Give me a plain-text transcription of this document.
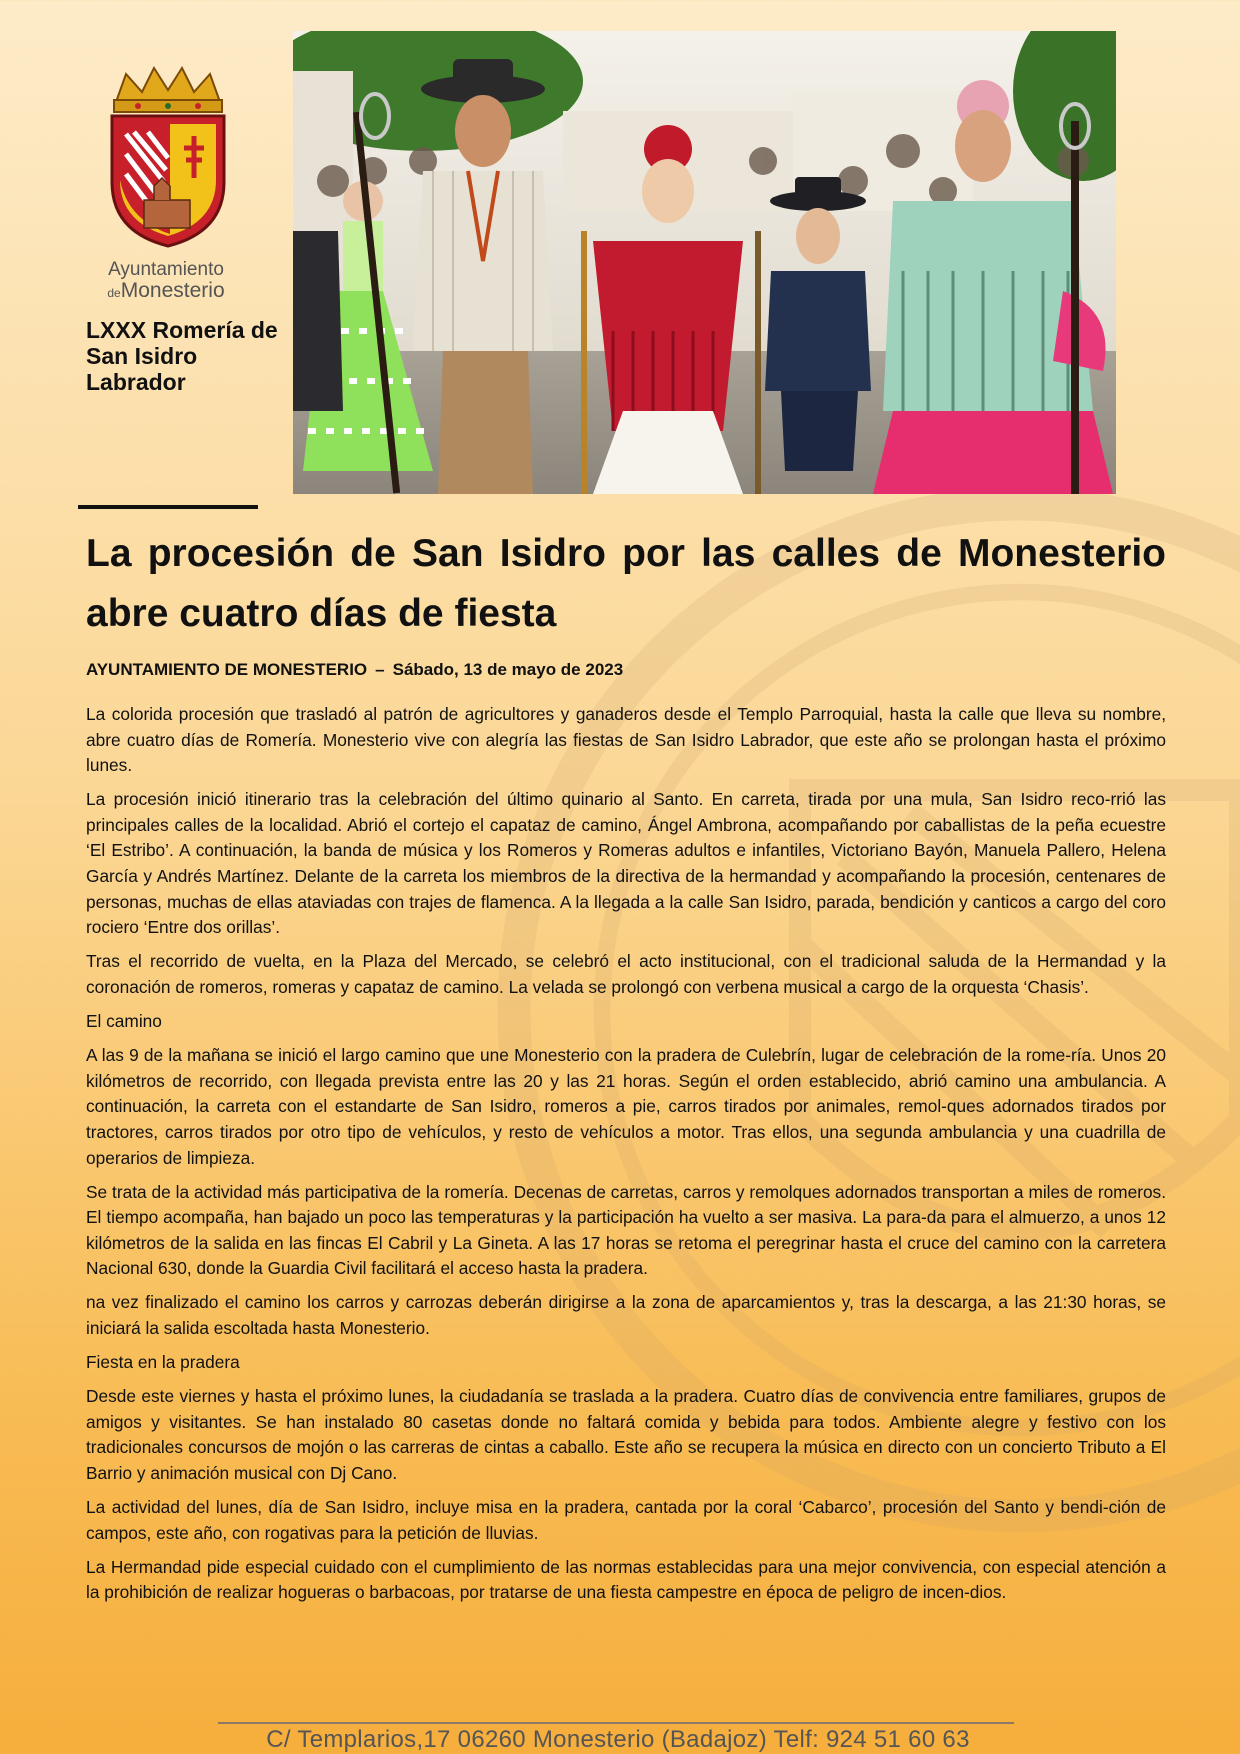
Ayuntamiento
deMonesterio
LXXX Romería de San Isidro Labrador
La procesión de San Isidro por las calles de Monesterio abre cuatro días de fiesta
AYUNTAMIENTO DE MONESTERIO – Sábado, 13 de mayo de 2023

La colorida procesión que trasladó al patrón de agricultores y ganaderos desde el Templo Parroquial, hasta la calle que lleva su nombre, abre cuatro días de Romería. Monesterio vive con alegría las fiestas de San Isidro Labrador, que este año se prolongan hasta el próximo lunes.

La procesión inició itinerario tras la celebración del último quinario al Santo. En carreta, tirada por una mula, San Isidro reco-rrió las principales calles de la localidad. Abrió el cortejo el capataz de camino, Ángel Ambrona, acompañando por caballistas de la peña ecuestre ‘El Estribo’. A continuación, la banda de música y los Romeros y Romeras adultos e infantiles, Victoriano Bayón, Manuela Pallero, Helena García y Andrés Martínez. Delante de la carreta los miembros de la directiva de la hermandad y acompañando la procesión, centenares de personas, muchas de ellas ataviadas con trajes de flamenca. A la llegada a la calle San Isidro, parada, bendición y canticos a cargo del coro rociero ‘Entre dos orillas’.

Tras el recorrido de vuelta, en la Plaza del Mercado, se celebró el acto institucional, con el tradicional saluda de la Hermandad y la coronación de romeros, romeras y capataz de camino. La velada se prolongó con verbena musical a cargo de la orquesta ‘Chasis’.

El camino

A las 9 de la mañana se inició el largo camino que une Monesterio con la pradera de Culebrín, lugar de celebración de la rome-ría. Unos 20 kilómetros de recorrido, con llegada prevista entre las 20 y las 21 horas. Según el orden establecido, abrió camino una ambulancia. A continuación, la carreta con el estandarte de San Isidro, romeros a pie, carros tirados por animales, remol-ques adornados tirados por tractores, carros tirados por otro tipo de vehículos, y resto de vehículos a motor. Tras ellos, una segunda ambulancia y una cuadrilla de operarios de limpieza.

Se trata de la actividad más participativa de la romería. Decenas de carretas, carros y remolques adornados transportan a miles de romeros. El tiempo acompaña, han bajado un poco las temperaturas y la participación ha vuelto a ser masiva. La para-da para el almuerzo, a unos 12 kilómetros de la salida en las fincas El Cabril y La Gineta. A las 17 horas se retoma el peregrinar hasta el cruce del camino con la carretera Nacional 630, donde la Guardia Civil facilitará el acceso hasta la pradera.

na vez finalizado el camino los carros y carrozas deberán dirigirse a la zona de aparcamientos y, tras la descarga, a las 21:30 horas, se iniciará la salida escoltada hasta Monesterio.

Fiesta en la pradera

Desde este viernes y hasta el próximo lunes, la ciudadanía se traslada a la pradera. Cuatro días de convivencia entre familiares, grupos de amigos y visitantes. Se han instalado 80 casetas donde no faltará comida y bebida para todos. Ambiente alegre y festivo con los tradicionales concursos de mojón o las carreras de cintas a caballo. Este año se recupera la música en directo con un concierto Tributo a El Barrio y animación musical con Dj Cano.

La actividad del lunes, día de San Isidro, incluye misa en la pradera, cantada por la coral ‘Cabarco’, procesión del Santo y bendi-ción de campos, este año, con rogativas para la petición de lluvias.

La Hermandad pide especial cuidado con el cumplimiento de las normas establecidas para una mejor convivencia, con especial atención a la prohibición de realizar hogueras o barbacoas, por tratarse de una fiesta campestre en época de peligro de incen-dios.

C/ Templarios,17 06260 Monesterio (Badajoz) Telf: 924 51 60 63
